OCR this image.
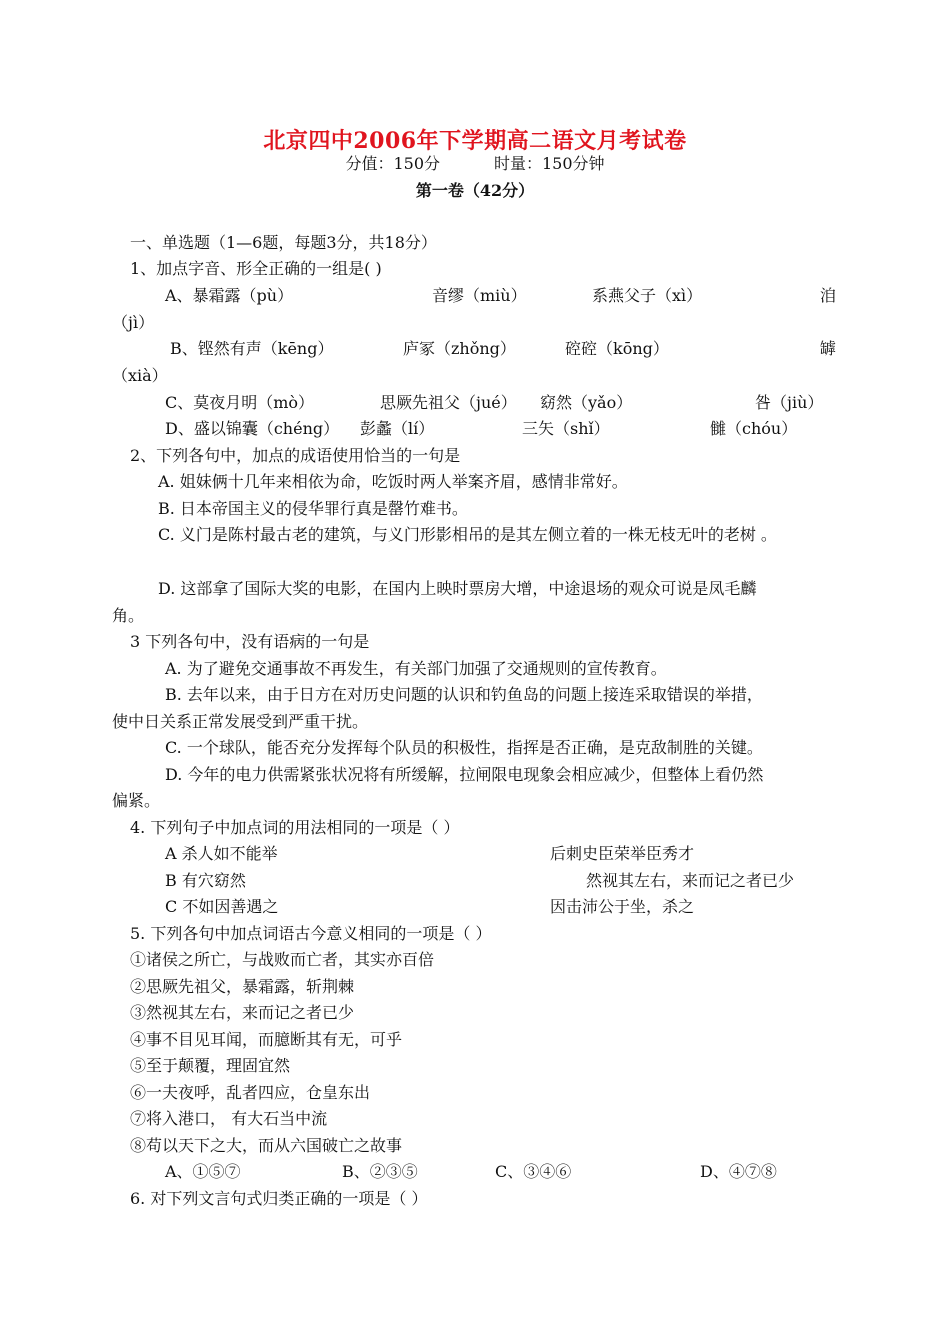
北京四中2006年下学期高二语文月考试卷
分值：150分	时量：150分钟
第一卷（42分）
一、单选题（1—6题，每题3分，共18分）
1、加点字音、形全正确的一组是( )
A、暴霜露（pù）	音缪（miù）	系燕父子（xì）	洎
（jì）
B、铿然有声（kēng）	庐冢（zhǒng）	硿硿（kōng）	罅
（xià）
C、莫夜月明（mò）	思厥先祖父（jué） 窈然（yǎo）	咎（jiù）
D、盛以锦囊（chéng） 彭蠡（lí）	三矢（shǐ）	雠（chóu）
2、下列各句中，加点的成语使用恰当的一句是
A. 姐妹俩十几年来相依为命，吃饭时两人举案齐眉，感情非常好。
B. 日本帝国主义的侵华罪行真是罄竹难书。
C. 义门是陈村最古老的建筑，与义门形影相吊的是其左侧立着的一株无枝无叶的老树 。
D. 这部拿了国际大奖的电影，在国内上映时票房大增，中途退场的观众可说是凤毛麟
角。
3 下列各句中，没有语病的一句是
A. 为了避免交通事故不再发生，有关部门加强了交通规则的宣传教育。
B. 去年以来，由于日方在对历史问题的认识和钓鱼岛的问题上接连采取错误的举措，
使中日关系正常发展受到严重干扰。
C. 一个球队，能否充分发挥每个队员的积极性，指挥是否正确，是克敌制胜的关键。
D. 今年的电力供需紧张状况将有所缓解，拉闸限电现象会相应减少，但整体上看仍然
偏紧。
4. 下列句子中加点词的用法相同的一项是（ ）
A 杀人如不能举	后刺史臣荣举臣秀才
B 有穴窈然	然视其左右，来而记之者已少
C 不如因善遇之	因击沛公于坐，杀之
5. 下列各句中加点词语古今意义相同的一项是（ ）
①诸侯之所亡，与战败而亡者，其实亦百倍
②思厥先祖父，暴霜露，斩荆棘
③然视其左右，来而记之者已少
④事不目见耳闻，而臆断其有无，可乎
⑤至于颠覆，理固宜然
⑥一夫夜呼，乱者四应，仓皇东出
⑦将入港口， 有大石当中流
⑧苟以天下之大，而从六国破亡之故事
A、①⑤⑦	B、②③⑤	C、③④⑥	D、④⑦⑧
6. 对下列文言句式归类正确的一项是（ ）
